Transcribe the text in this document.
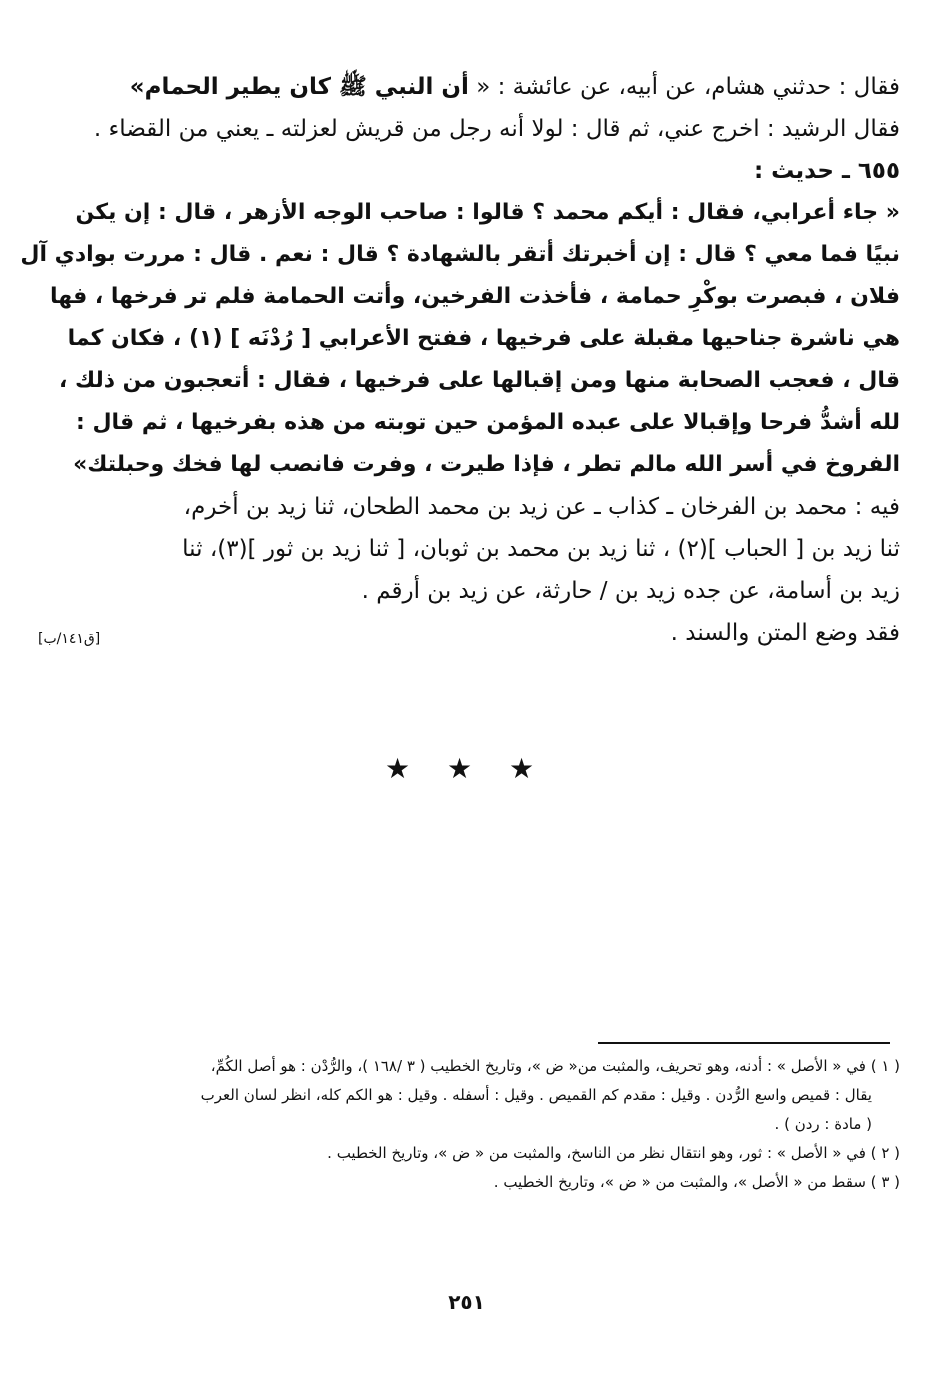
فقال : حدثني هشام، عن أبيه، عن عائشة : « أن النبي ﷺ كان يطير الحمام»
فقال الرشيد : اخرج عني، ثم قال : لولا أنه رجل من قريش لعزلته ـ يعني من القضاء .
٦٥٥ ـ حديث :
« جاء أعرابي، فقال : أيكم محمد ؟ قالوا : صاحب الوجه الأزهر ، قال : إن يكن
نبيًا فما معي ؟ قال : إن أخبرتك أتقر بالشهادة ؟ قال : نعم . قال : مررت بوادي آل
فلان ، فبصرت بوكْرِ حمامة ، فأخذت الفرخين، وأتت الحمامة فلم تر فرخها ، فها
هي ناشرة جناحيها مقبلة على فرخيها ، ففتح الأعرابي [ رُدْنَه ] (١) ، فكان كما
قال ، فعجب الصحابة منها ومن إقبالها على فرخيها ، فقال : أتعجبون من ذلك ،
لله أشدُّ فرحا وإقبالا على عبده المؤمن حين توبته من هذه بفرخيها ، ثم قال :
الفروخ في أسر الله مالم تطر ، فإذا طيرت ، وفرت فانصب لها فخك وحبلتك»
فيه : محمد بن الفرخان ـ كذاب ـ عن زيد بن محمد الطحان، ثنا زيد بن أخرم،
ثنا زيد بن [ الحباب ](٢) ، ثنا زيد بن محمد بن ثوبان، [ ثنا زيد بن ثور ](٣)، ثنا
زيد بن أسامة، عن جده زيد بن / حارثة، عن زيد بن أرقم .
فقد وضع المتن والسند .
[ق١٤١/ب]
★ ★ ★
( ١ ) في « الأصل » : أدنه، وهو تحريف، والمثبت من« ض »، وتاريخ الخطيب ( ٣ /١٦٨ )، والرُّدْن : هو أصل الكُمِّ،
يقال : قميص واسع الرُّدن . وقيل : مقدم كم القميص . وقيل : أسفله . وقيل : هو الكم كله، انظر لسان العرب
( مادة : ردن ) .
( ٢ ) في « الأصل » : ثور، وهو انتقال نظر من الناسخ، والمثبت من « ض »، وتاريخ الخطيب .
( ٣ ) سقط من « الأصل »، والمثبت من « ض »، وتاريخ الخطيب .
٢٥١
